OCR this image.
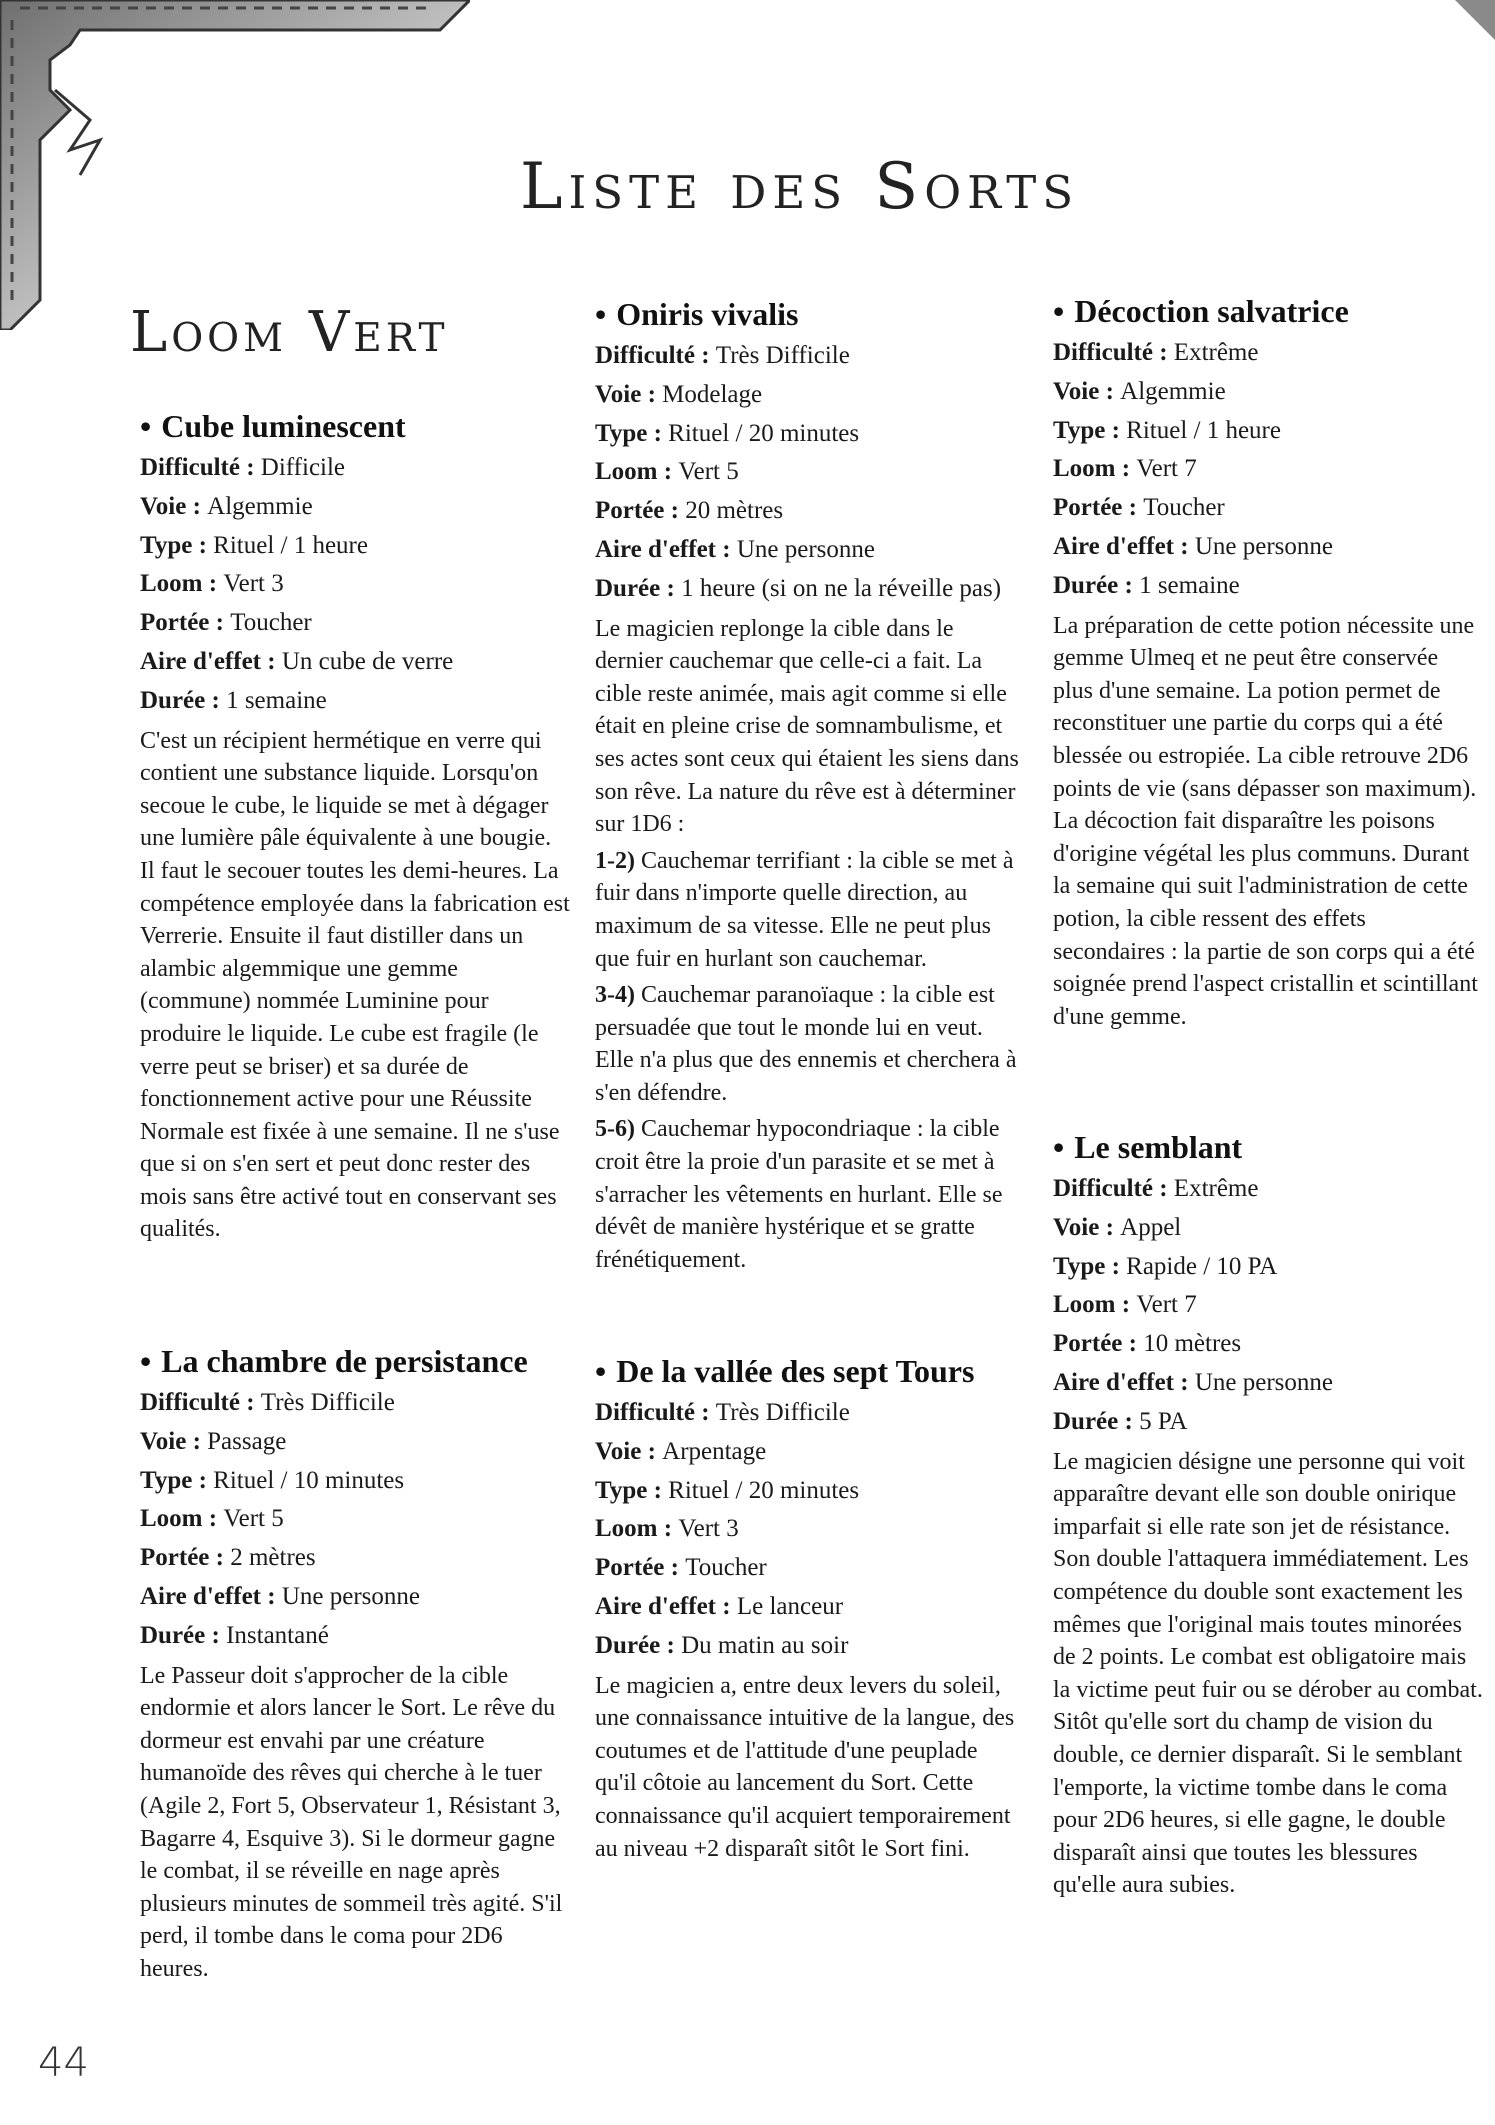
Liste des Sorts
Loom Vert
• Cube luminescent
Difficulté : Difficile
Voie : Algemmie
Type : Rituel / 1 heure
Loom : Vert 3
Portée : Toucher
Aire d'effet : Un cube de verre
Durée : 1 semaine

C'est un récipient hermétique en verre qui contient une substance liquide. Lorsqu'on secoue le cube, le liquide se met à dégager une lumière pâle équivalente à une bougie. Il faut le secouer toutes les demi-heures. La compétence employée dans la fabrication est Verrerie. Ensuite il faut distiller dans un alambic algemmique une gemme (commune) nommée Luminine pour produire le liquide. Le cube est fragile (le verre peut se briser) et sa durée de fonctionnement active pour une Réussite Normale est fixée à une semaine. Il ne s'use que si on s'en sert et peut donc rester des mois sans être activé tout en conservant ses qualités.

• La chambre de persistance
Difficulté : Très Difficile
Voie : Passage
Type : Rituel / 10 minutes
Loom : Vert 5
Portée : 2 mètres
Aire d'effet : Une personne
Durée : Instantané

Le Passeur doit s'approcher de la cible endormie et alors lancer le Sort. Le rêve du dormeur est envahi par une créature humanoïde des rêves qui cherche à le tuer (Agile 2, Fort 5, Observateur 1, Résistant 3, Bagarre 4, Esquive 3). Si le dormeur gagne le combat, il se réveille en nage après plusieurs minutes de sommeil très agité. S'il perd, il tombe dans le coma pour 2D6 heures.

• Oniris vivalis
Difficulté : Très Difficile
Voie : Modelage
Type : Rituel / 20 minutes
Loom : Vert 5
Portée : 20 mètres
Aire d'effet : Une personne
Durée : 1 heure (si on ne la réveille pas)

Le magicien replonge la cible dans le dernier cauchemar que celle-ci a fait. La cible reste animée, mais agit comme si elle était en pleine crise de somnambulisme, et ses actes sont ceux qui étaient les siens dans son rêve. La nature du rêve est à déterminer sur 1D6 :

1-2) Cauchemar terrifiant : la cible se met à fuir dans n'importe quelle direction, au maximum de sa vitesse. Elle ne peut plus que fuir en hurlant son cauchemar.

3-4) Cauchemar paranoïaque : la cible est persuadée que tout le monde lui en veut. Elle n'a plus que des ennemis et cherchera à s'en défendre.

5-6) Cauchemar hypocondriaque : la cible croit être la proie d'un parasite et se met à s'arracher les vêtements en hurlant. Elle se dévêt de manière hystérique et se gratte frénétiquement.

• De la vallée des sept Tours
Difficulté : Très Difficile
Voie : Arpentage
Type : Rituel / 20 minutes
Loom : Vert 3
Portée : Toucher
Aire d'effet : Le lanceur
Durée : Du matin au soir

Le magicien a, entre deux levers du soleil, une connaissance intuitive de la langue, des coutumes et de l'attitude d'une peuplade qu'il côtoie au lancement du Sort. Cette connaissance qu'il acquiert temporairement au niveau +2 disparaît sitôt le Sort fini.

• Décoction salvatrice
Difficulté : Extrême
Voie : Algemmie
Type : Rituel / 1 heure
Loom : Vert 7
Portée : Toucher
Aire d'effet : Une personne
Durée : 1 semaine

La préparation de cette potion nécessite une gemme Ulmeq et ne peut être conservée plus d'une semaine. La potion permet de reconstituer une partie du corps qui a été blessée ou estropiée. La cible retrouve 2D6 points de vie (sans dépasser son maximum). La décoction fait disparaître les poisons d'origine végétal les plus communs. Durant la semaine qui suit l'administration de cette potion, la cible ressent des effets secondaires : la partie de son corps qui a été soignée prend l'aspect cristallin et scintillant d'une gemme.

• Le semblant
Difficulté : Extrême
Voie : Appel
Type : Rapide / 10 PA
Loom : Vert 7
Portée : 10 mètres
Aire d'effet : Une personne
Durée : 5 PA

Le magicien désigne une personne qui voit apparaître devant elle son double onirique imparfait si elle rate son jet de résistance. Son double l'attaquera immédiatement. Les compétence du double sont exactement les mêmes que l'original mais toutes minorées de 2 points. Le combat est obligatoire mais la victime peut fuir ou se dérober au combat. Sitôt qu'elle sort du champ de vision du double, ce dernier disparaît. Si le semblant l'emporte, la victime tombe dans le coma pour 2D6 heures, si elle gagne, le double disparaît ainsi que toutes les blessures qu'elle aura subies.

44
